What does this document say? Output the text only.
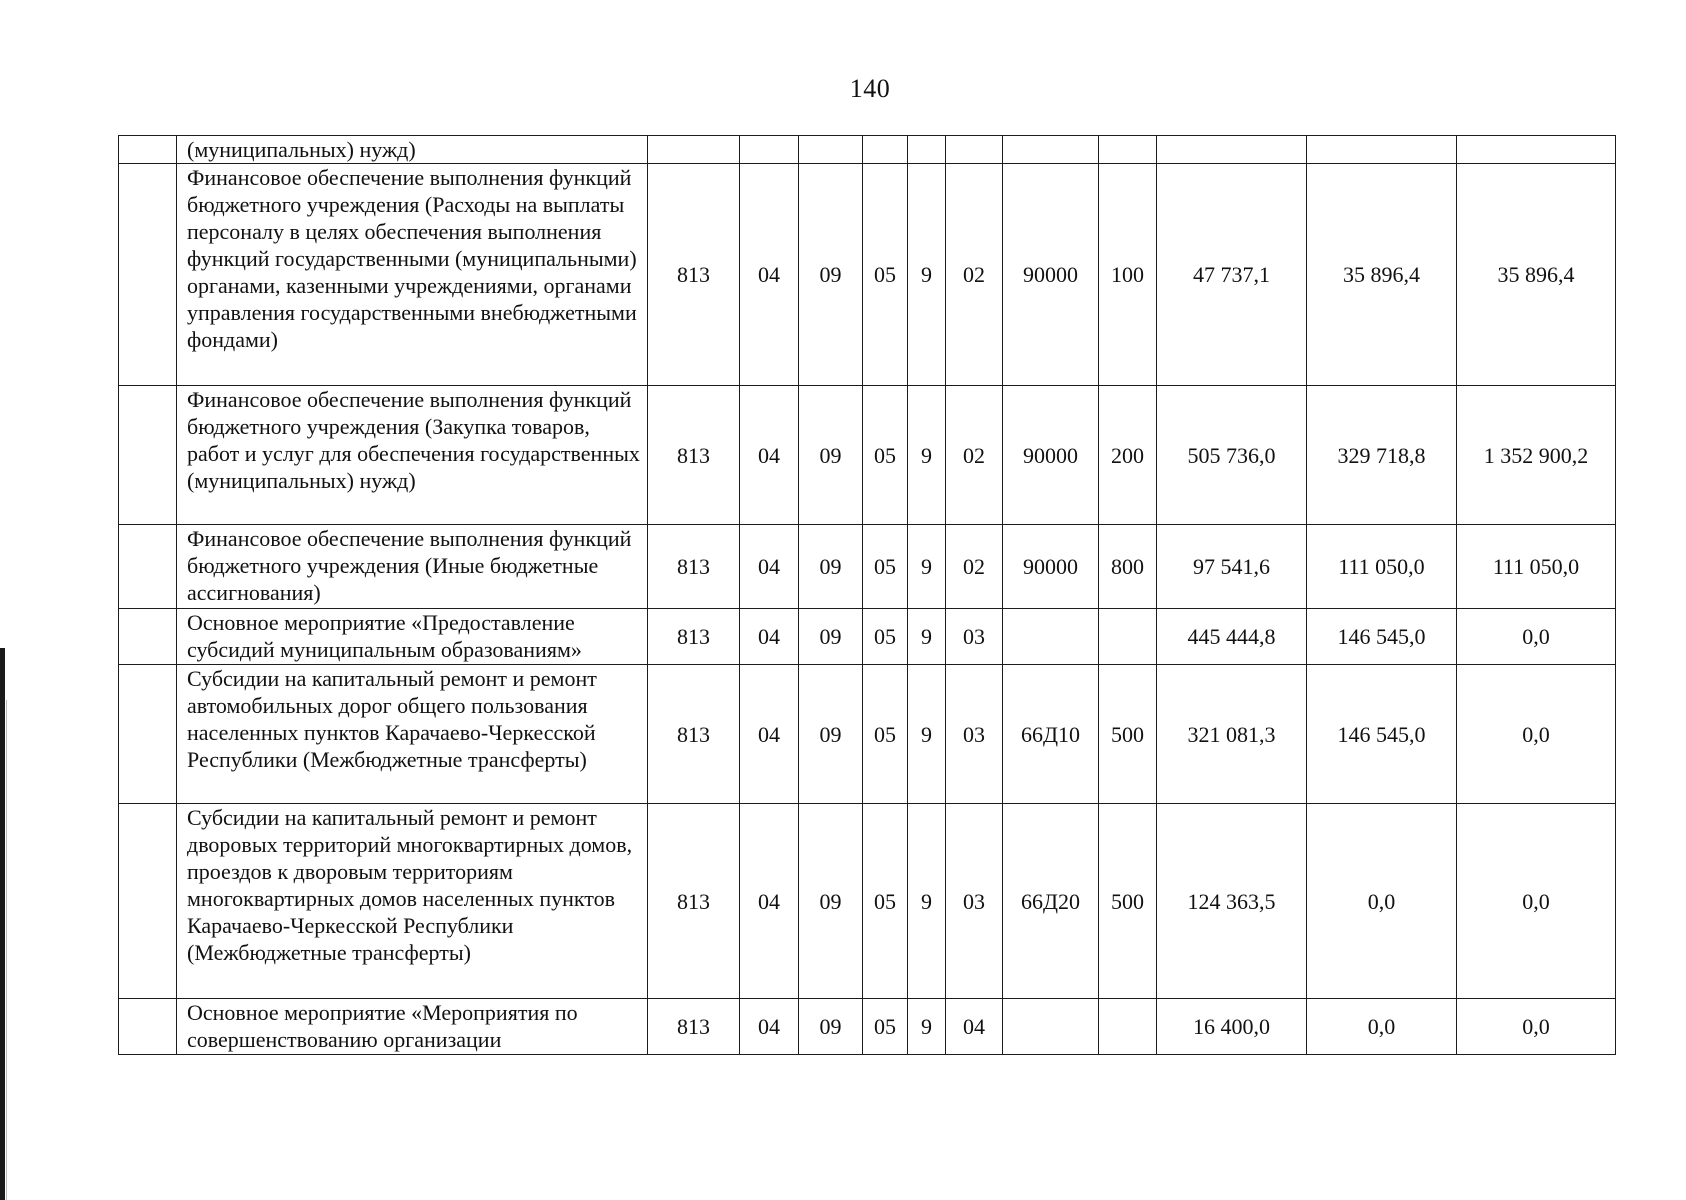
140
	(муниципальных) нужд)											
	Финансовое обеспечение выполнения функций бюджетного учреждения (Расходы на выплаты персоналу в целях обеспечения выполнения функций государственными (муниципальными) органами, казенными учреждениями, органами управления государственными внебюджетными фондами)	813	04	09	05	9	02	90000	100	47 737,1	35 896,4	35 896,4
	Финансовое обеспечение выполнения функций бюджетного учреждения (Закупка товаров, работ и услуг для обеспечения государственных (муниципальных) нужд)	813	04	09	05	9	02	90000	200	505 736,0	329 718,8	1 352 900,2
	Финансовое обеспечение выполнения функций бюджетного учреждения (Иные бюджетные ассигнования)	813	04	09	05	9	02	90000	800	97 541,6	111 050,0	111 050,0
	Основное мероприятие «Предоставление субсидий муниципальным образованиям»	813	04	09	05	9	03			445 444,8	146 545,0	0,0
	Субсидии на капитальный ремонт и ремонт автомобильных дорог общего пользования населенных пунктов Карачаево-Черкесской Республики (Межбюджетные трансферты)	813	04	09	05	9	03	66Д10	500	321 081,3	146 545,0	0,0
	Субсидии на капитальный ремонт и ремонт дворовых территорий многоквартирных домов, проездов к дворовым территориям многоквартирных домов населенных пунктов Карачаево-Черкесской Республики (Межбюджетные трансферты)	813	04	09	05	9	03	66Д20	500	124 363,5	0,0	0,0
	Основное мероприятие «Мероприятия по совершенствованию организации	813	04	09	05	9	04			16 400,0	0,0	0,0
